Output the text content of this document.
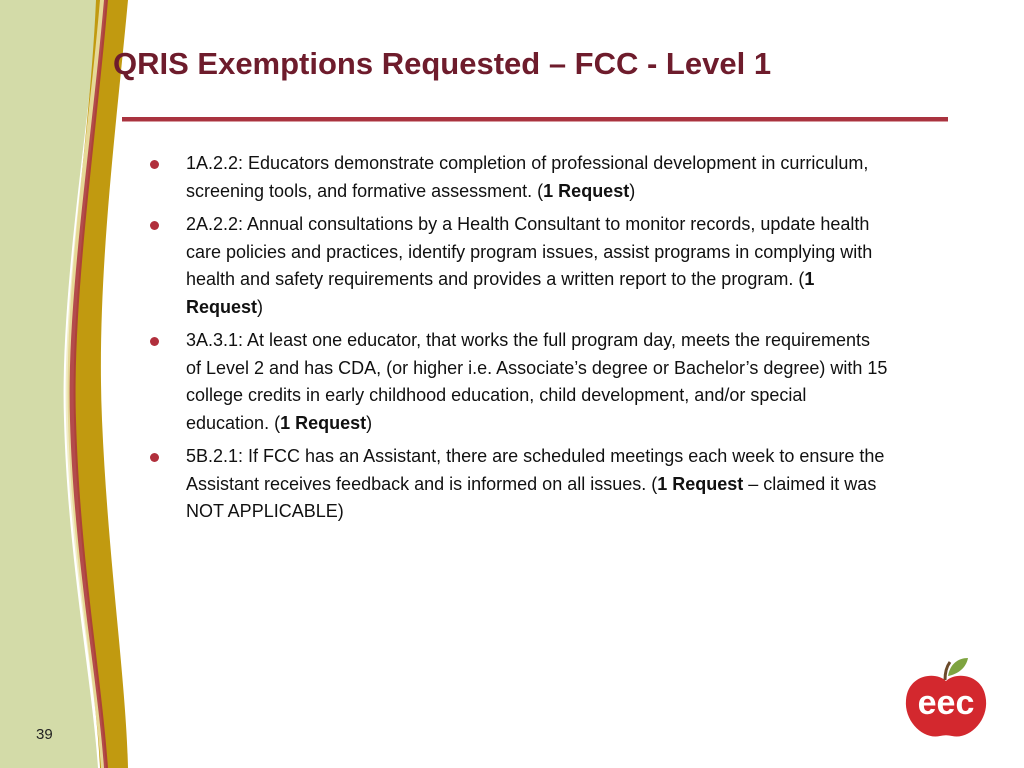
QRIS Exemptions Requested – FCC - Level 1
1A.2.2: Educators demonstrate completion of professional development in curriculum, screening tools, and formative assessment. (1 Request)
2A.2.2: Annual consultations by a Health Consultant to monitor records, update health care policies and practices, identify program issues, assist programs in complying with health and safety requirements and provides a written report to the program. (1 Request)
3A.3.1: At least one educator, that works the full program day, meets the requirements of Level 2 and has CDA, (or higher i.e. Associate’s degree or Bachelor’s degree) with 15 college credits in early childhood education, child development, and/or special education. (1 Request)
5B.2.1: If FCC has an Assistant, there are scheduled meetings each week to ensure the Assistant receives feedback and is informed on all issues. (1 Request – claimed it was NOT APPLICABLE)
39
eec
